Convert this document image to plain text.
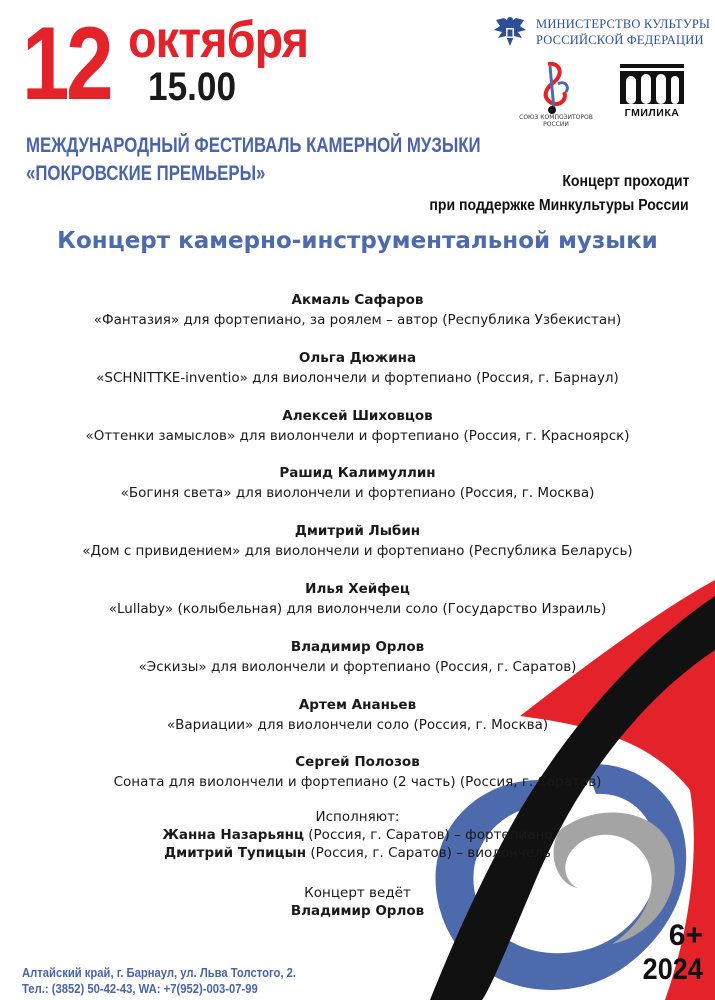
12 октября
15.00
МИНИСТЕРСТВО КУЛЬТУРЫ
РОССИЙСКОЙ ФЕДЕРАЦИИ
СОЮЗ КОМПОЗИТОРОВ
РОССИИ
ГМИЛИКА
МЕЖДУНАРОДНЫЙ ФЕСТИВАЛЬ КАМЕРНОЙ МУЗЫКИ
«ПОКРОВСКИЕ ПРЕМЬЕРЫ»	Концерт проходит
при поддержке Минкультуры России
Концерт камерно-инструментальной музыки
Акмаль Сафаров
«Фантазия» для фортепиано, за роялем – автор (Республика Узбекистан)
Ольга Дюжина
«SCHNITTKE-inventio» для виолончели и фортепиано (Россия, г. Барнаул)
Алексей Шиховцов
«Оттенки замыслов» для виолончели и фортепиано (Россия, г. Красноярск)
Рашид Калимуллин
«Богиня света» для виолончели и фортепиано (Россия, г. Москва)
Дмитрий Лыбин
«Дом с привидением» для виолончели и фортепиано (Республика Беларусь)
Илья Хейфец
«Lullaby» (колыбельная) для виолончели соло (Государство Израиль)
Владимир Орлов
«Эскизы» для виолончели и фортепиано (Россия, г. Саратов)
Артем Ананьев
«Вариации» для виолончели соло (Россия, г. Москва)
Сергей Полозов
Соната для виолончели и фортепиано (2 часть) (Россия, г. Саратов)
Исполняют:
Жанна Назарьянц (Россия, г. Саратов) – фортепиано
Дмитрий Тупицын (Россия, г. Саратов) – виолончель
Концерт ведёт
Владимир Орлов
Алтайский край, г. Барнаул, ул. Льва Толстого, 2.
Тел.: (3852) 50-42-43, WA: +7(952)-003-07-99
6+
2024
